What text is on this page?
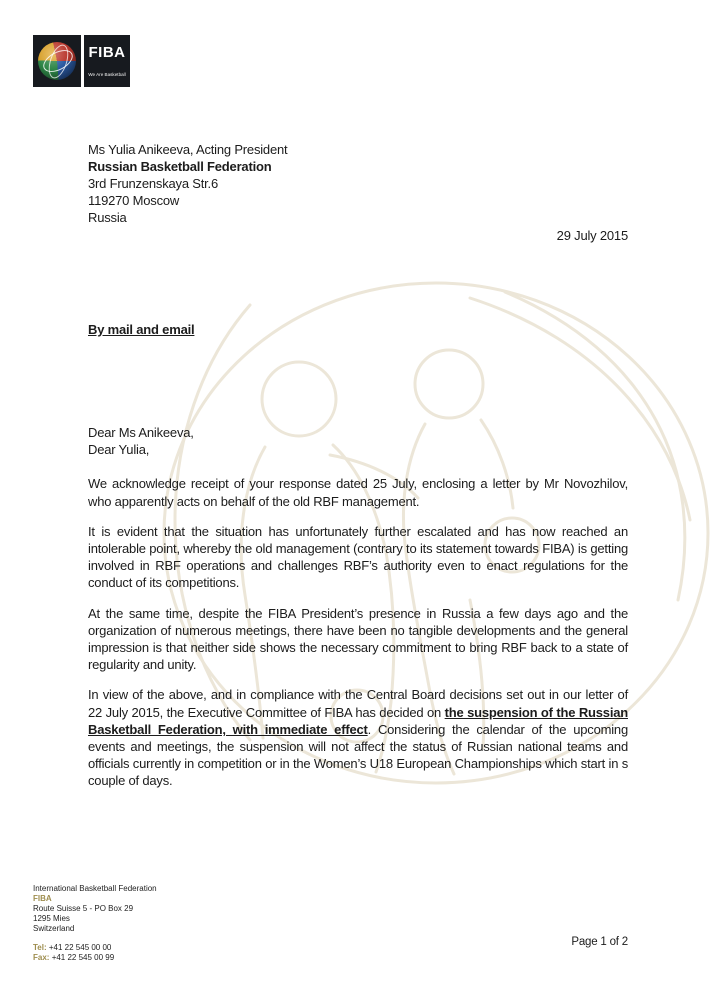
FIBA
We Are Basketball
Ms Yulia Anikeeva, Acting President
Russian Basketball Federation
3rd Frunzenskaya Str.6
119270 Moscow
Russia
29 July 2015
By mail and email
Dear Ms Anikeeva,
Dear Yulia,

We acknowledge receipt of your response dated 25 July, enclosing a letter by Mr Novozhilov, who apparently acts on behalf of the old RBF management.

It is evident that the situation has unfortunately further escalated and has now reached an intolerable point, whereby the old management (contrary to its statement towards FIBA) is getting involved in RBF operations and challenges RBF’s authority even to enact regulations for the conduct of its competitions.

At the same time, despite the FIBA President’s presence in Russia a few days ago and the organization of numerous meetings, there have been no tangible developments and the general impression is that neither side shows the necessary commitment to bring RBF back to a state of regularity and unity.

In view of the above, and in compliance with the Central Board decisions set out in our letter of 22 July 2015, the Executive Committee of FIBA has decided on the suspension of the Russian Basketball Federation, with immediate effect. Considering the calendar of the upcoming events and meetings, the suspension will not affect the status of Russian national teams and officials currently in competition or in the Women’s U18 European Championships which start in s couple of days.

International Basketball Federation
FIBA
Route Suisse 5 - PO Box 29
1295 Mies
Switzerland
Tel: +41 22 545 00 00
Fax: +41 22 545 00 99
Page 1 of 2
